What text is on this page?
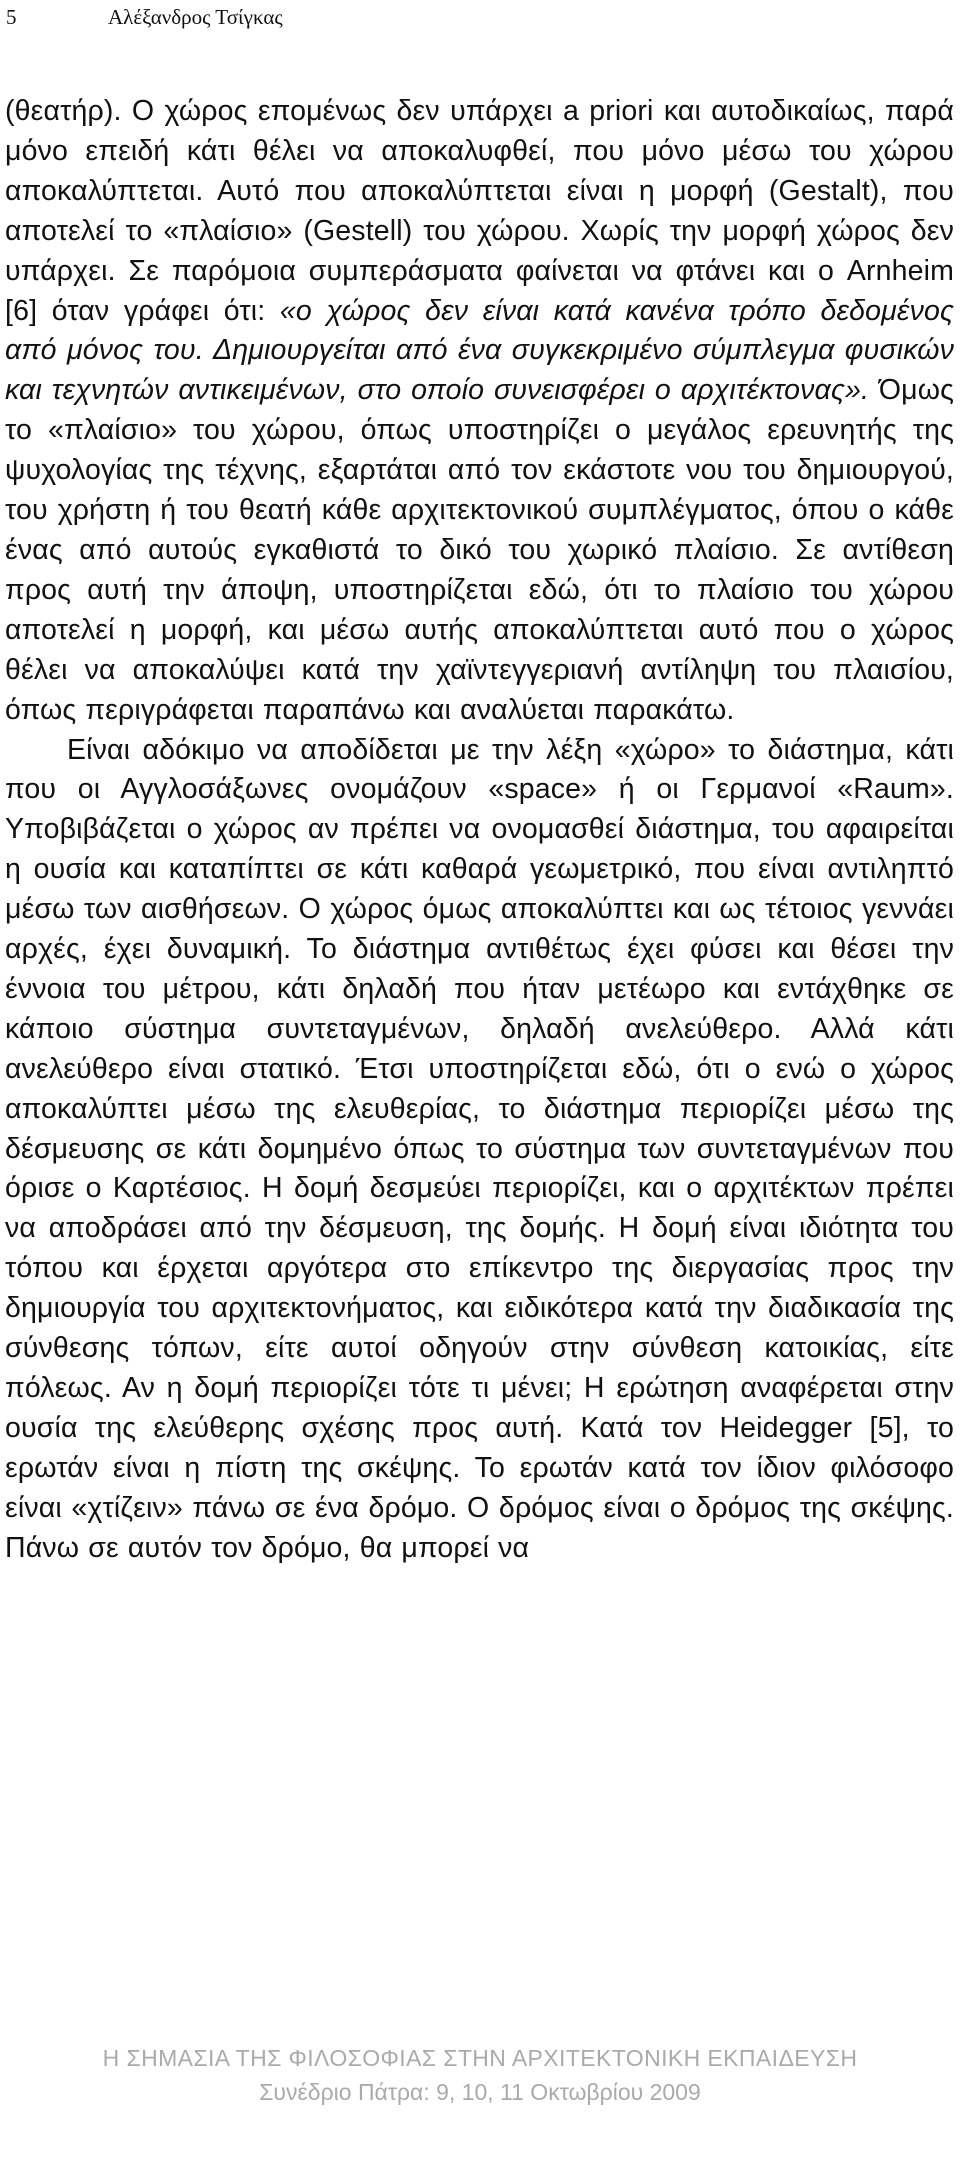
5	Αλέξανδρος Τσίγκας

(θεατήρ). Ο χώρος επομένως δεν υπάρχει a priori και αυτοδικαίως, παρά μόνο επειδή κάτι θέλει να αποκαλυφθεί, που μόνο μέσω του χώρου αποκαλύπτεται. Αυτό που αποκαλύπτεται είναι η μορφή (Gestalt), που αποτελεί το «πλαίσιο» (Gestell) του χώρου. Χωρίς την μορφή χώρος δεν υπάρχει. Σε παρόμοια συμπεράσματα φαίνεται να φτάνει και ο Arnheim [6] όταν γράφει ότι: «ο χώρος δεν είναι κατά κανένα τρόπο δεδομένος από μόνος του. Δημιουργείται από ένα συγκεκριμένο σύμπλεγμα φυσικών και τεχνητών αντικειμένων, στο οποίο συνεισφέρει ο αρχιτέκτονας». Όμως το «πλαίσιο» του χώρου, όπως υποστηρίζει ο μεγάλος ερευνητής της ψυχολογίας της τέχνης, εξαρτάται από τον εκάστοτε νου του δημιουργού, του χρήστη ή του θεατή κάθε αρχιτεκτονικού συμπλέγματος, όπου ο κάθε ένας από αυτούς εγκαθιστά το δικό του χωρικό πλαίσιο. Σε αντίθεση προς αυτή την άποψη, υποστηρίζεται εδώ, ότι το πλαίσιο του χώρου αποτελεί η μορφή, και μέσω αυτής αποκαλύπτεται αυτό που ο χώρος θέλει να αποκαλύψει κατά την χαϊντεγγεριανή αντίληψη του πλαισίου, όπως περιγράφεται παραπάνω και αναλύεται παρακάτω.

Είναι αδόκιμο να αποδίδεται με την λέξη «χώρο» το διάστημα, κάτι που οι Αγγλοσάξωνες ονομάζουν «space» ή οι Γερμανοί «Raum». Υποβιβάζεται ο χώρος αν πρέπει να ονομασθεί διάστημα, του αφαιρείται η ουσία και καταπίπτει σε κάτι καθαρά γεωμετρικό, που είναι αντιληπτό μέσω των αισθήσεων. Ο χώρος όμως αποκαλύπτει και ως τέτοιος γεννάει αρχές, έχει δυναμική. Το διάστημα αντιθέτως έχει φύσει και θέσει την έννοια του μέτρου, κάτι δηλαδή που ήταν μετέωρο και εντάχθηκε σε κάποιο σύστημα συντεταγμένων, δηλαδή ανελεύθερο. Αλλά κάτι ανελεύθερο είναι στατικό. Έτσι υποστηρίζεται εδώ, ότι ο ενώ ο χώρος αποκαλύπτει μέσω της ελευθερίας, το διάστημα περιορίζει μέσω της δέσμευσης σε κάτι δομημένο όπως το σύστημα των συντεταγμένων που όρισε ο Καρτέσιος. Η δομή δεσμεύει περιορίζει, και ο αρχιτέκτων πρέπει να αποδράσει από την δέσμευση, της δομής. Η δομή είναι ιδιότητα του τόπου και έρχεται αργότερα στο επίκεντρο της διεργασίας προς την δημιουργία του αρχιτεκτονήματος, και ειδικότερα κατά την διαδικασία της σύνθεσης τόπων, είτε αυτοί οδηγούν στην σύνθεση κατοικίας, είτε πόλεως. Αν η δομή περιορίζει τότε τι μένει; Η ερώτηση αναφέρεται στην ουσία της ελεύθερης σχέσης προς αυτή. Κατά τον Heidegger [5], το ερωτάν είναι η πίστη της σκέψης. Το ερωτάν κατά τον ίδιον φιλόσοφο είναι «χτίζειν» πάνω σε ένα δρόμο. Ο δρόμος είναι ο δρόμος της σκέψης. Πάνω σε αυτόν τον δρόμο, θα μπορεί να

Η ΣΗΜΑΣΙΑ ΤΗΣ ΦΙΛΟΣΟΦΙΑΣ ΣΤΗΝ ΑΡΧΙΤΕΚΤΟΝΙΚΗ ΕΚΠΑΙΔΕΥΣΗ
Συνέδριο Πάτρα: 9, 10, 11 Οκτωβρίου 2009
